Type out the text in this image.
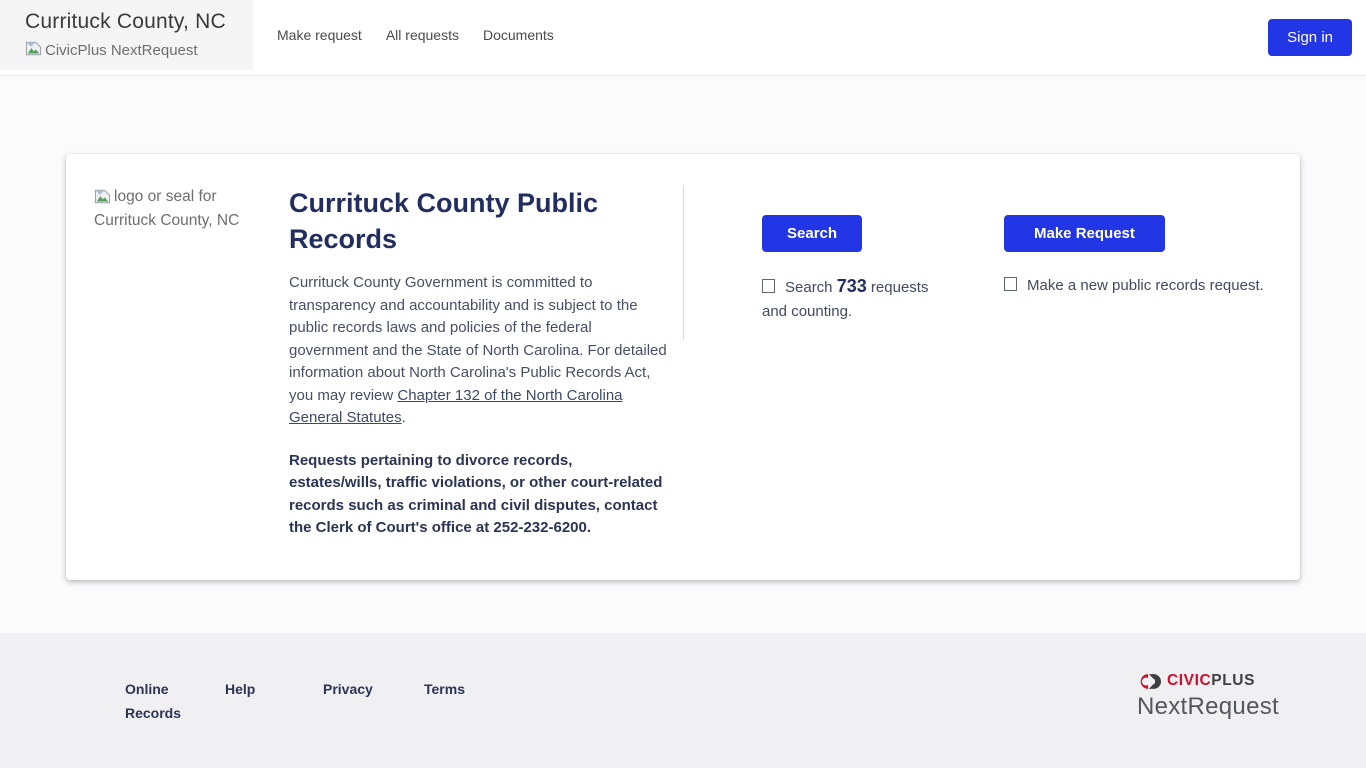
Currituck County, NC
CivicPlus NextRequest
Make request	All requests	Documents	Sign in
logo or seal for Currituck County, NC
Currituck County Public Records

Currituck County Government is committed to transparency and accountability and is subject to the public records laws and policies of the federal government and the State of North Carolina. For detailed information about North Carolina's Public Records Act, you may review Chapter 132 of the North Carolina General Statutes.

Requests pertaining to divorce records, estates/wills, traffic violations, or other court-related records such as criminal and civil disputes, contact the Clerk of Court's office at 252-232-6200.

Search
Search 733 requests and counting.
Make Request
Make a new public records request.
Online Records
Help	Privacy	Terms	CIVICPLUS
NextRequest
